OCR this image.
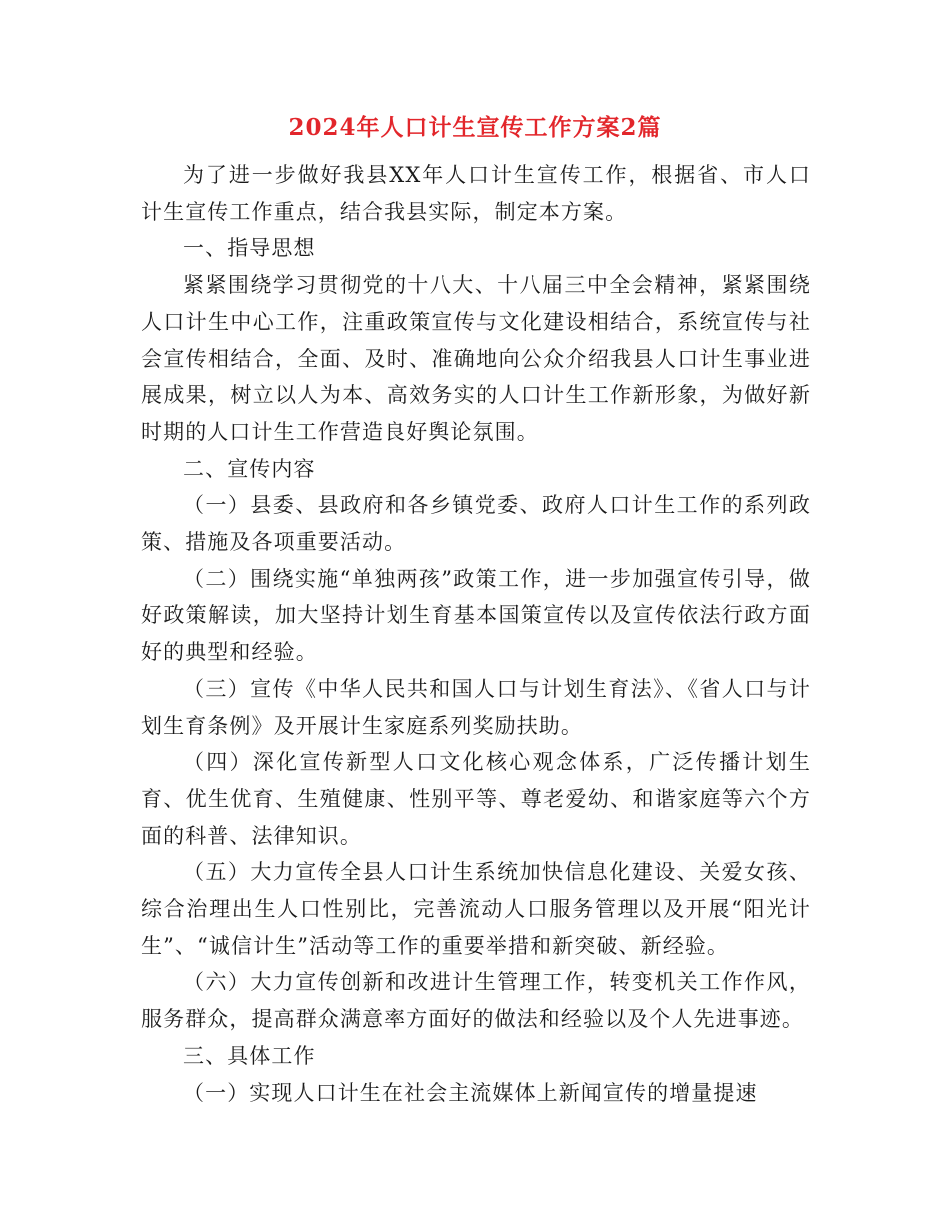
2024年人口计生宣传工作方案2篇

为了进一步做好我县XX年人口计生宣传工作，根据省、市人口计生宣传工作重点，结合我县实际，制定本方案。

一、指导思想

紧紧围绕学习贯彻党的十八大、十八届三中全会精神，紧紧围绕人口计生中心工作，注重政策宣传与文化建设相结合，系统宣传与社会宣传相结合，全面、及时、准确地向公众介绍我县人口计生事业进展成果，树立以人为本、高效务实的人口计生工作新形象，为做好新时期的人口计生工作营造良好舆论氛围。

二、宣传内容

（一）县委、县政府和各乡镇党委、政府人口计生工作的系列政策、措施及各项重要活动。

（二）围绕实施“单独两孩”政策工作，进一步加强宣传引导，做好政策解读，加大坚持计划生育基本国策宣传以及宣传依法行政方面好的典型和经验。

（三）宣传《中华人民共和国人口与计划生育法》、《省人口与计划生育条例》及开展计生家庭系列奖励扶助。

（四）深化宣传新型人口文化核心观念体系，广泛传播计划生育、优生优育、生殖健康、性别平等、尊老爱幼、和谐家庭等六个方面的科普、法律知识。

（五）大力宣传全县人口计生系统加快信息化建设、关爱女孩、综合治理出生人口性别比，完善流动人口服务管理以及开展“阳光计生”、“诚信计生”活动等工作的重要举措和新突破、新经验。

（六）大力宣传创新和改进计生管理工作，转变机关工作作风，服务群众，提高群众满意率方面好的做法和经验以及个人先进事迹。

三、具体工作

（一）实现人口计生在社会主流媒体上新闻宣传的增量提速
